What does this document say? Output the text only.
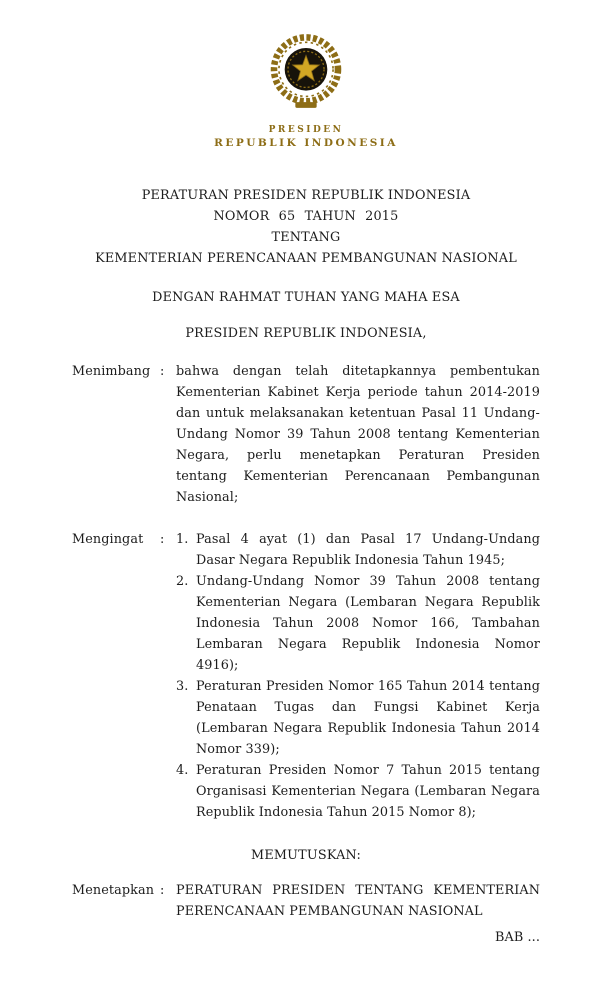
PRESIDEN
REPUBLIK INDONESIA
PERATURAN PRESIDEN REPUBLIK INDONESIA
NOMOR 65 TAHUN 2015
TENTANG
KEMENTERIAN PERENCANAAN PEMBANGUNAN NASIONAL
DENGAN RAHMAT TUHAN YANG MAHA ESA
PRESIDEN REPUBLIK INDONESIA,
Menimbang : bahwa dengan telah ditetapkannya pembentukan Kementerian Kabinet Kerja periode tahun 2014-2019 dan untuk melaksanakan ketentuan Pasal 11 Undang-Undang Nomor 39 Tahun 2008 tentang Kementerian Negara, perlu menetapkan Peraturan Presiden tentang Kementerian Perencanaan Pembangunan Nasional;
Mengingat	: 1. Pasal 4 ayat (1) dan Pasal 17 Undang-Undang Dasar Negara Republik Indonesia Tahun 1945;
2. Undang-Undang Nomor 39 Tahun 2008 tentang Kementerian Negara (Lembaran Negara Republik Indonesia Tahun 2008 Nomor 166, Tambahan Lembaran Negara Republik Indonesia Nomor 4916);
3. Peraturan Presiden Nomor 165 Tahun 2014 tentang Penataan Tugas dan Fungsi Kabinet Kerja (Lembaran Negara Republik Indonesia Tahun 2014 Nomor 339);
4. Peraturan Presiden Nomor 7 Tahun 2015 tentang Organisasi Kementerian Negara (Lembaran Negara Republik Indonesia Tahun 2015 Nomor 8);
MEMUTUSKAN:
Menetapkan : PERATURAN PRESIDEN TENTANG KEMENTERIAN PERENCANAAN PEMBANGUNAN NASIONAL
BAB ...
